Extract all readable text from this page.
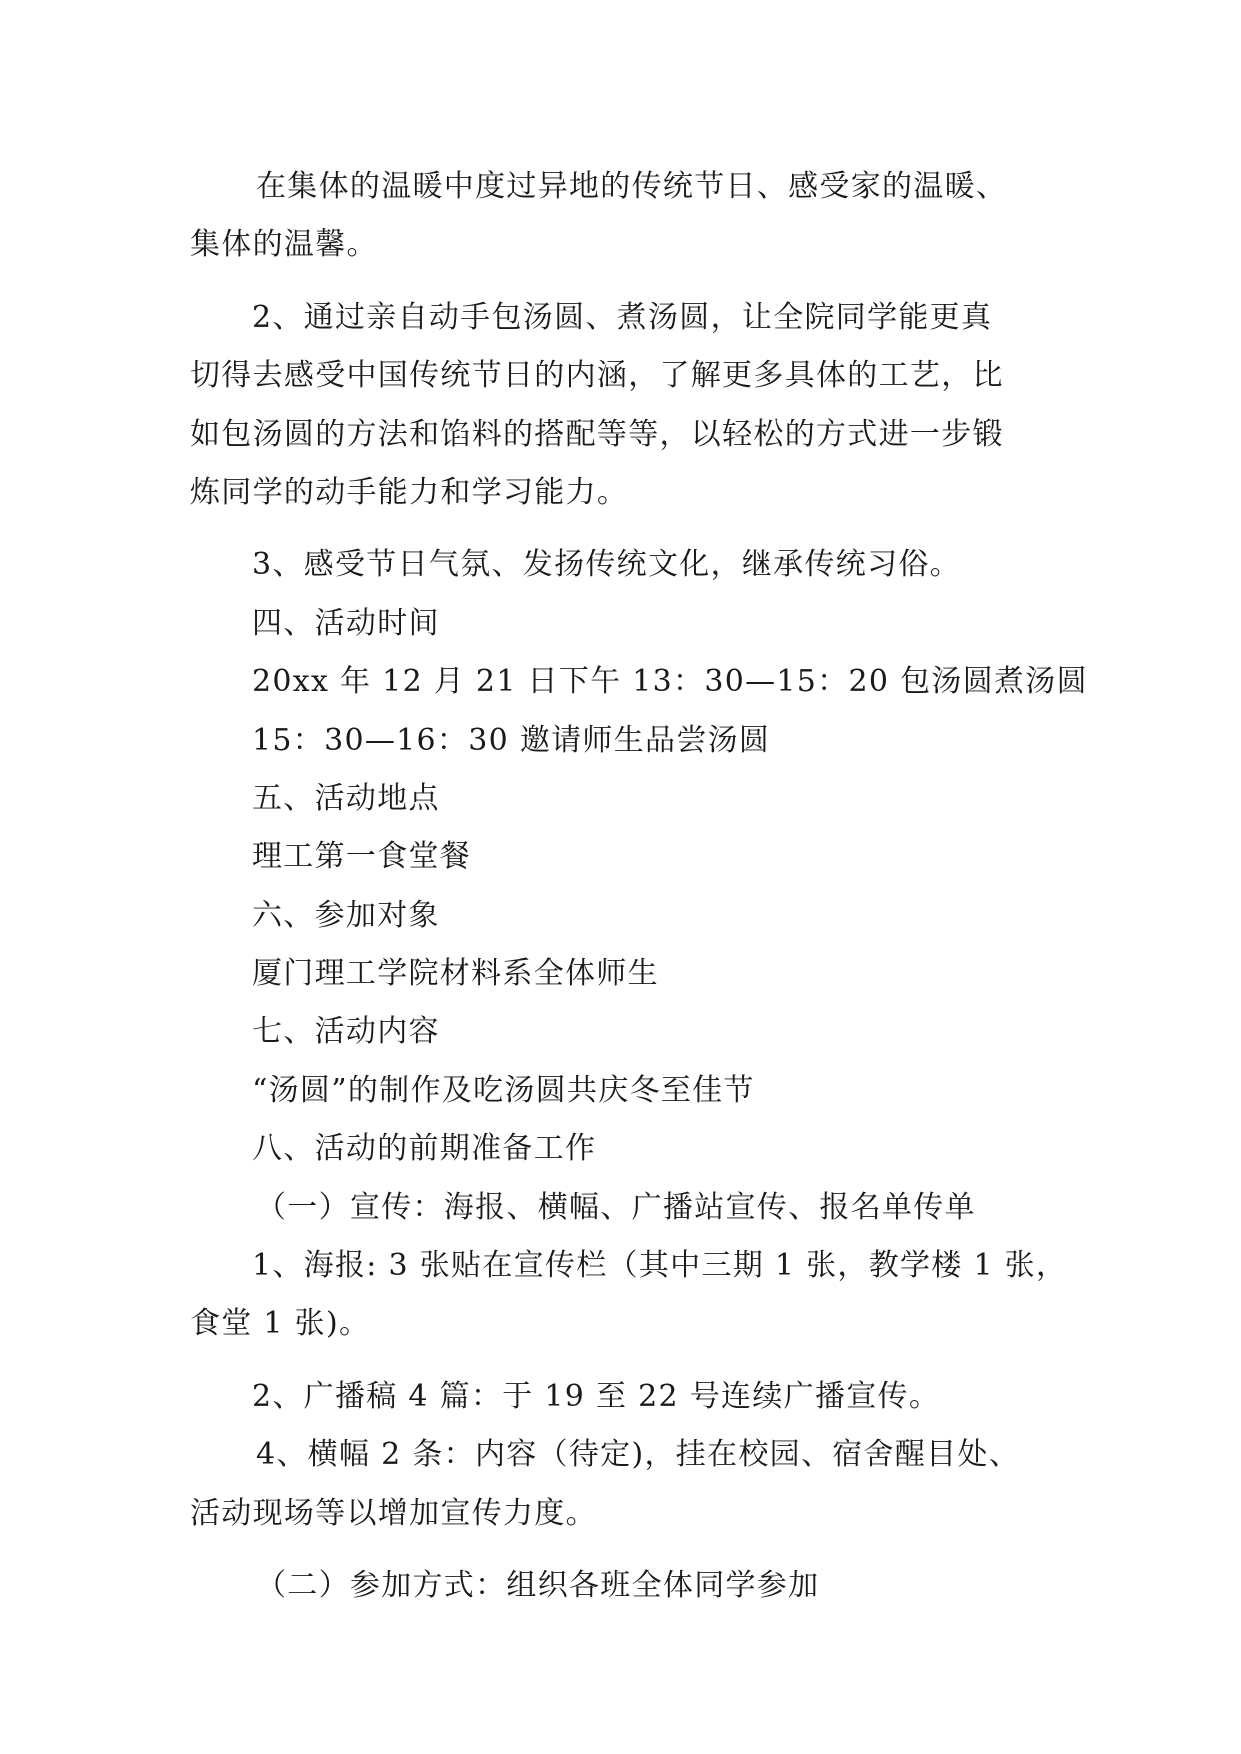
在集体的温暖中度过异地的传统节日、感受家的温暖、
集体的温馨。
2、通过亲自动手包汤圆、煮汤圆，让全院同学能更真
切得去感受中国传统节日的内涵，了解更多具体的工艺，比
如包汤圆的方法和馅料的搭配等等，以轻松的方式进一步锻
炼同学的动手能力和学习能力。
3、感受节日气氛、发扬传统文化，继承传统习俗。
四、活动时间
20xx 年 12 月 21 日下午 13：30—15：20 包汤圆煮汤圆
15：30—16：30 邀请师生品尝汤圆
五、活动地点
理工第一食堂餐
六、参加对象
厦门理工学院材料系全体师生
七、活动内容
“汤圆”的制作及吃汤圆共庆冬至佳节
八、活动的前期准备工作
（一）宣传：海报、横幅、广播站宣传、报名单传单
1、海报: 3 张贴在宣传栏（其中三期 1 张，教学楼 1 张，
食堂 1 张)。
2、广播稿 4 篇：于 19 至 22 号连续广播宣传。
4、横幅 2 条：内容（待定)，挂在校园、宿舍醒目处、
活动现场等以增加宣传力度。
（二）参加方式：组织各班全体同学参加
